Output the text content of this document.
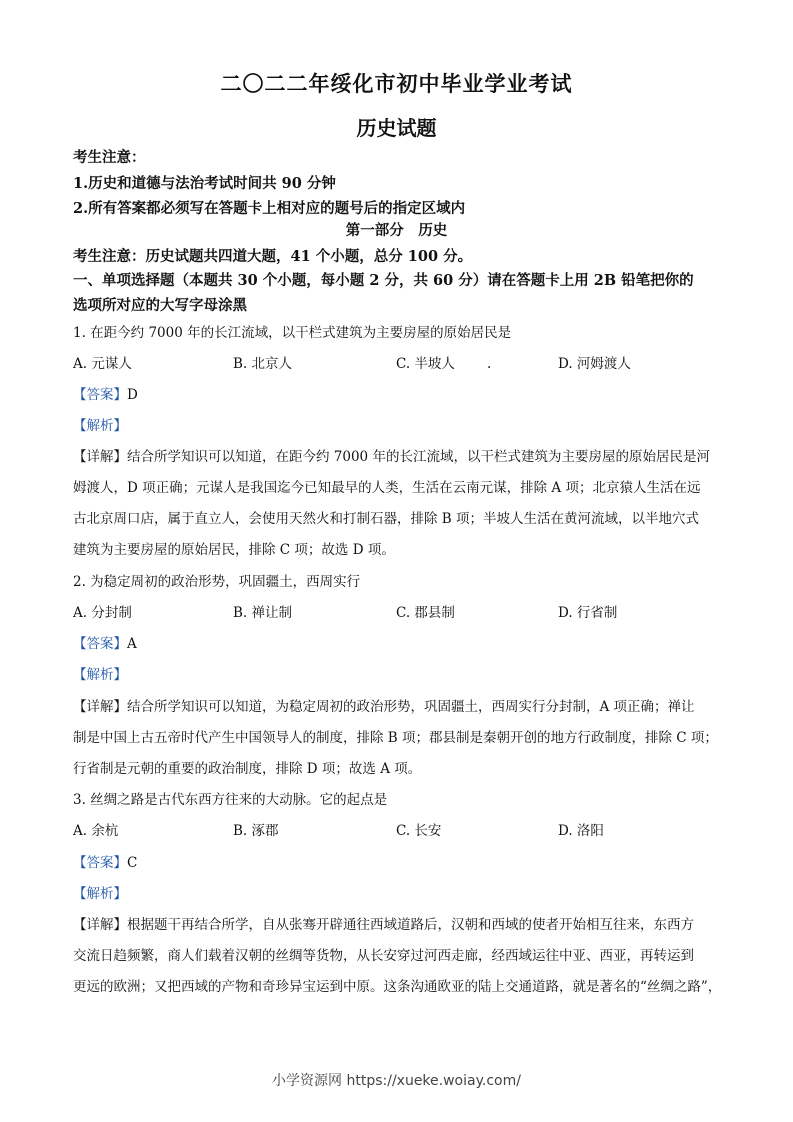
二〇二二年绥化市初中毕业学业考试
历史试题
考生注意：
1.历史和道德与法治考试时间共 90 分钟
2.所有答案都必须写在答题卡上相对应的题号后的指定区域内
第一部分　历史
考生注意：历史试题共四道大题，41 个小题，总分 100 分。
一、单项选择题（本题共 30 个小题，每小题 2 分，共 60 分）请在答题卡上用 2B 铅笔把你的
选项所对应的大写字母涂黑
1. 在距今约 7000 年的长江流域，以干栏式建筑为主要房屋的原始居民是
A. 元谋人	B. 北京人	C. 半坡人 .	D. 河姆渡人
【答案】D
【解析】
【详解】结合所学知识可以知道，在距今约 7000 年的长江流域，以干栏式建筑为主要房屋的原始居民是河
姆渡人，D 项正确；元谋人是我国迄今已知最早的人类，生活在云南元谋，排除 A 项；北京猿人生活在远
古北京周口店，属于直立人，会使用天然火和打制石器，排除 B 项；半坡人生活在黄河流域，以半地穴式
建筑为主要房屋的原始居民，排除 C 项；故选 D 项。
2. 为稳定周初的政治形势，巩固疆土，西周实行
A. 分封制	B. 禅让制	C. 郡县制	D. 行省制
【答案】A
【解析】
【详解】结合所学知识可以知道，为稳定周初的政治形势，巩固疆土，西周实行分封制，A 项正确；禅让
制是中国上古五帝时代产生中国领导人的制度，排除 B 项；郡县制是秦朝开创的地方行政制度，排除 C 项；
行省制是元朝的重要的政治制度，排除 D 项；故选 A 项。
3. 丝绸之路是古代东西方往来的大动脉。它的起点是
A. 余杭	B. 涿郡	C. 长安	D. 洛阳
【答案】C
【解析】
【详解】根据题干再结合所学，自从张骞开辟通往西域道路后，汉朝和西域的使者开始相互往来，东西方
交流日趋频繁，商人们载着汉朝的丝绸等货物，从长安穿过河西走廊，经西域运往中亚、西亚，再转运到
更远的欧洲；又把西域的产物和奇珍异宝运到中原。这条沟通欧亚的陆上交通道路，就是著名的“丝绸之路”，
小学资源网 https://xueke.woiay.com/
